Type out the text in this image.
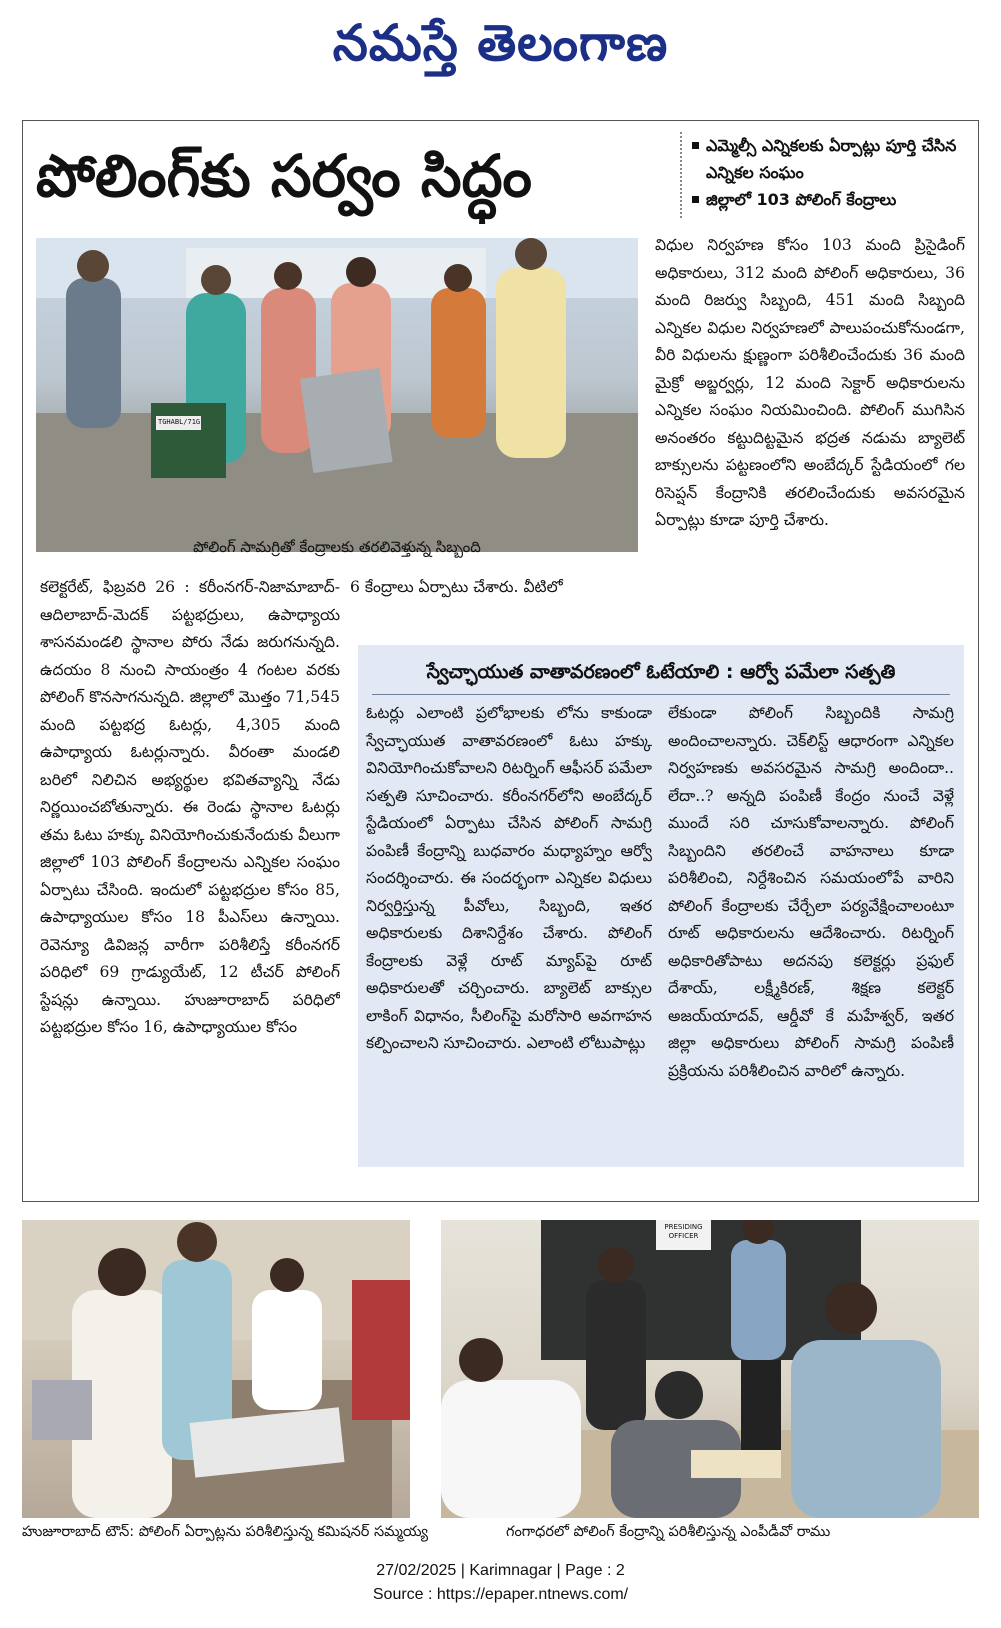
నమస్తే తెలంగాణ
పోలింగ్‌కు సర్వం సిద్ధం	ఎమ్మెల్సీ ఎన్నికలకు ఏర్పాట్లు పూర్తి చేసిన ఎన్నికల సంఘం
జిల్లాలో 103 పోలింగ్ కేంద్రాలు
TGHABL/71G
పోలింగ్ సామగ్రితో కేంద్రాలకు తరలివెళ్తున్న సిబ్బంది
విధుల నిర్వహణ కోసం 103 మంది ప్రిసైడింగ్ అధికారులు, 312 మంది పోలింగ్ అధికారులు, 36 మంది రిజర్వు సిబ్బంది, 451 మంది సిబ్బంది ఎన్నికల విధుల నిర్వహణలో పాలుపంచుకోనుండగా, వీరి విధులను క్షుణ్ణంగా పరిశీలించేందుకు 36 మంది మైక్రో అబ్జర్వర్లు, 12 మంది సెక్టార్ అధికారులను ఎన్నికల సంఘం నియమించింది. పోలింగ్ ముగిసిన అనంతరం కట్టుదిట్టమైన భద్రత నడుమ బ్యాలెట్ బాక్సులను పట్టణంలోని అంబేద్కర్ స్టేడియంలో గల రిసెప్షన్ కేంద్రానికి తరలించేందుకు అవసరమైన ఏర్పాట్లు కూడా పూర్తి చేశారు.
కలెక్టరేట్, ఫిబ్రవరి 26 : కరీంనగర్-నిజామాబాద్-ఆదిలాబాద్-మెదక్ పట్టభద్రులు, ఉపాధ్యాయ శాసనమండలి స్థానాల పోరు నేడు జరుగనున్నది. ఉదయం 8 నుంచి సాయంత్రం 4 గంటల వరకు పోలింగ్ కొనసాగనున్నది. జిల్లాలో మొత్తం 71,545 మంది పట్టభద్ర ఓటర్లు, 4,305 మంది ఉపాధ్యాయ ఓటర్లున్నారు. వీరంతా మండలి బరిలో నిలిచిన అభ్యర్థుల భవితవ్యాన్ని నేడు నిర్ణయించబోతున్నారు. ఈ రెండు స్థానాల ఓటర్లు తమ ఓటు హక్కు వినియోగించుకునేందుకు వీలుగా జిల్లాలో 103 పోలింగ్ కేంద్రాలను ఎన్నికల సంఘం ఏర్పాటు చేసింది. ఇందులో పట్టభద్రుల కోసం 85, ఉపాధ్యాయుల కోసం 18 పీఎస్‌లు ఉన్నాయి. రెవెన్యూ డివిజన్ల వారీగా పరిశీలిస్తే కరీంనగర్ పరిధిలో 69 గ్రాడ్యుయేట్, 12 టీచర్ పోలింగ్ స్టేషన్లు ఉన్నాయి. హుజూరాబాద్ పరిధిలో పట్టభద్రుల కోసం 16, ఉపాధ్యాయుల కోసం
6 కేంద్రాలు ఏర్పాటు చేశారు. వీటిలో
స్వేచ్ఛాయుత వాతావరణంలో ఓటేయాలి : ఆర్వో పమేలా సత్పతి
ఓటర్లు ఎలాంటి ప్రలోభాలకు లోను కాకుండా స్వేచ్ఛాయుత వాతావరణంలో ఓటు హక్కు వినియోగించుకోవాలని రిటర్నింగ్ ఆఫీసర్ పమేలా సత్పతి సూచించారు. కరీంనగర్‌లోని అంబేద్కర్ స్టేడియంలో ఏర్పాటు చేసిన పోలింగ్ సామగ్రి పంపిణీ కేంద్రాన్ని బుధవారం మధ్యాహ్నం ఆర్వో సందర్శించారు. ఈ సందర్భంగా ఎన్నికల విధులు నిర్వర్తిస్తున్న పీవోలు, సిబ్బంది, ఇతర అధికారులకు దిశానిర్దేశం చేశారు. పోలింగ్ కేంద్రాలకు వెళ్లే రూట్ మ్యాప్‌పై రూట్ అధికారులతో చర్చించారు. బ్యాలెట్ బాక్సుల లాకింగ్ విధానం, సీలింగ్‌పై మరోసారి అవగాహన కల్పించాలని సూచించారు. ఎలాంటి లోటుపాట్లు
లేకుండా పోలింగ్ సిబ్బందికి సామగ్రి అందించాలన్నారు. చెక్‌లిస్ట్ ఆధారంగా ఎన్నికల నిర్వహణకు అవసరమైన సామగ్రి అందిందా.. లేదా..? అన్నది పంపిణీ కేంద్రం నుంచే వెళ్లే ముందే సరి చూసుకోవాలన్నారు. పోలింగ్ సిబ్బందిని తరలించే వాహనాలు కూడా పరిశీలించి, నిర్దేశించిన సమయంలోపే వారిని పోలింగ్ కేంద్రాలకు చేర్చేలా పర్యవేక్షించాలంటూ రూట్ అధికారులను ఆదేశించారు. రిటర్నింగ్ అధికారితోపాటు అదనపు కలెక్టర్లు ప్రఫుల్ దేశాయ్, లక్ష్మీకిరణ్, శిక్షణ కలెక్టర్ అజయ్‌యాదవ్, ఆర్డీవో కే మహేశ్వర్, ఇతర జిల్లా అధికారులు పోలింగ్ సామగ్రి పంపిణీ ప్రక్రియను పరిశీలించిన వారిలో ఉన్నారు.
PRESIDING OFFICER
హుజూరాబాద్ టౌన్: పోలింగ్ ఏర్పాట్లను పరిశీలిస్తున్న కమిషనర్ సమ్మయ్య	గంగాధరలో పోలింగ్ కేంద్రాన్ని పరిశీలిస్తున్న ఎంపీడీవో రాము
27/02/2025 | Karimnagar | Page : 2
Source : https://epaper.ntnews.com/
